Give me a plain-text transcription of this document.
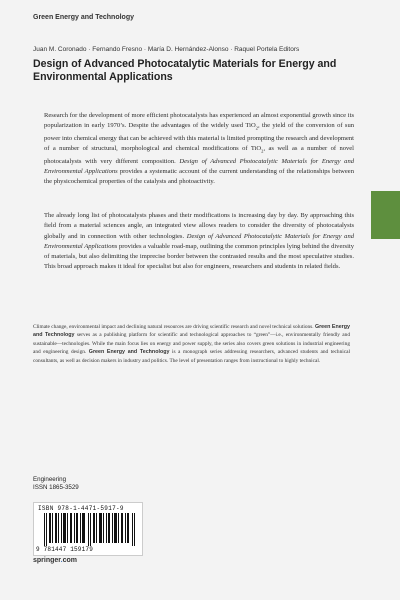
Green Energy and Technology
Juan M. Coronado · Fernando Fresno · María D. Hernández-Alonso · Raquel Portela Editors
Design of Advanced Photocatalytic Materials for Energy and
Environmental Applications

Research for the development of more efficient photocatalysts has experienced an almost exponential growth since its popularization in early 1970’s. Despite the advantages of the widely used TiO$_2$, the yield of the conversion of sun power into chemical energy that can be achieved with this material is limited prompting the research and development of a number of structural, morphological and chemical modifications of TiO$_2$, as well as a number of novel photocatalysts with very different composition. Design of Advanced Photocatalytic Materials for Energy and Environmental Applications provides a systematic account of the current understanding of the relationships between the physicochemical properties of the catalysts and photoactivity.

The already long list of photocatalysts phases and their modifications is increasing day by day. By approaching this field from a material sciences angle, an integrated view allows readers to consider the diversity of photocatalysts globally and in connection with other technologies. Design of Advanced Photocatalytic Materials for Energy and Environmental Applications provides a valuable road-map, outlining the common principles lying behind the diversity of materials, but also delimiting the imprecise border between the contrasted results and the most speculative studies. This broad approach makes it ideal for specialist but also for engineers, researchers and students in related fields.

Climate change, environmental impact and declining natural resources are driving scientific research and novel technical solutions. Green Energy and Technology serves as a publishing platform for scientific and technological approaches to “green”—i.e., environmentally friendly and sustainable—technologies. While the main focus lies on energy and power supply, the series also covers green solutions in industrial engineering and engineering design. Green Energy and Technology is a monograph series addressing researchers, advanced students and technical consultants, as well as decision makers in industry and politics. The level of presentation ranges from instructional to highly technical.

Engineering
ISSN 1865-3529
ISBN 978-1-4471-5917-9
9 781447 159179
springer.com
